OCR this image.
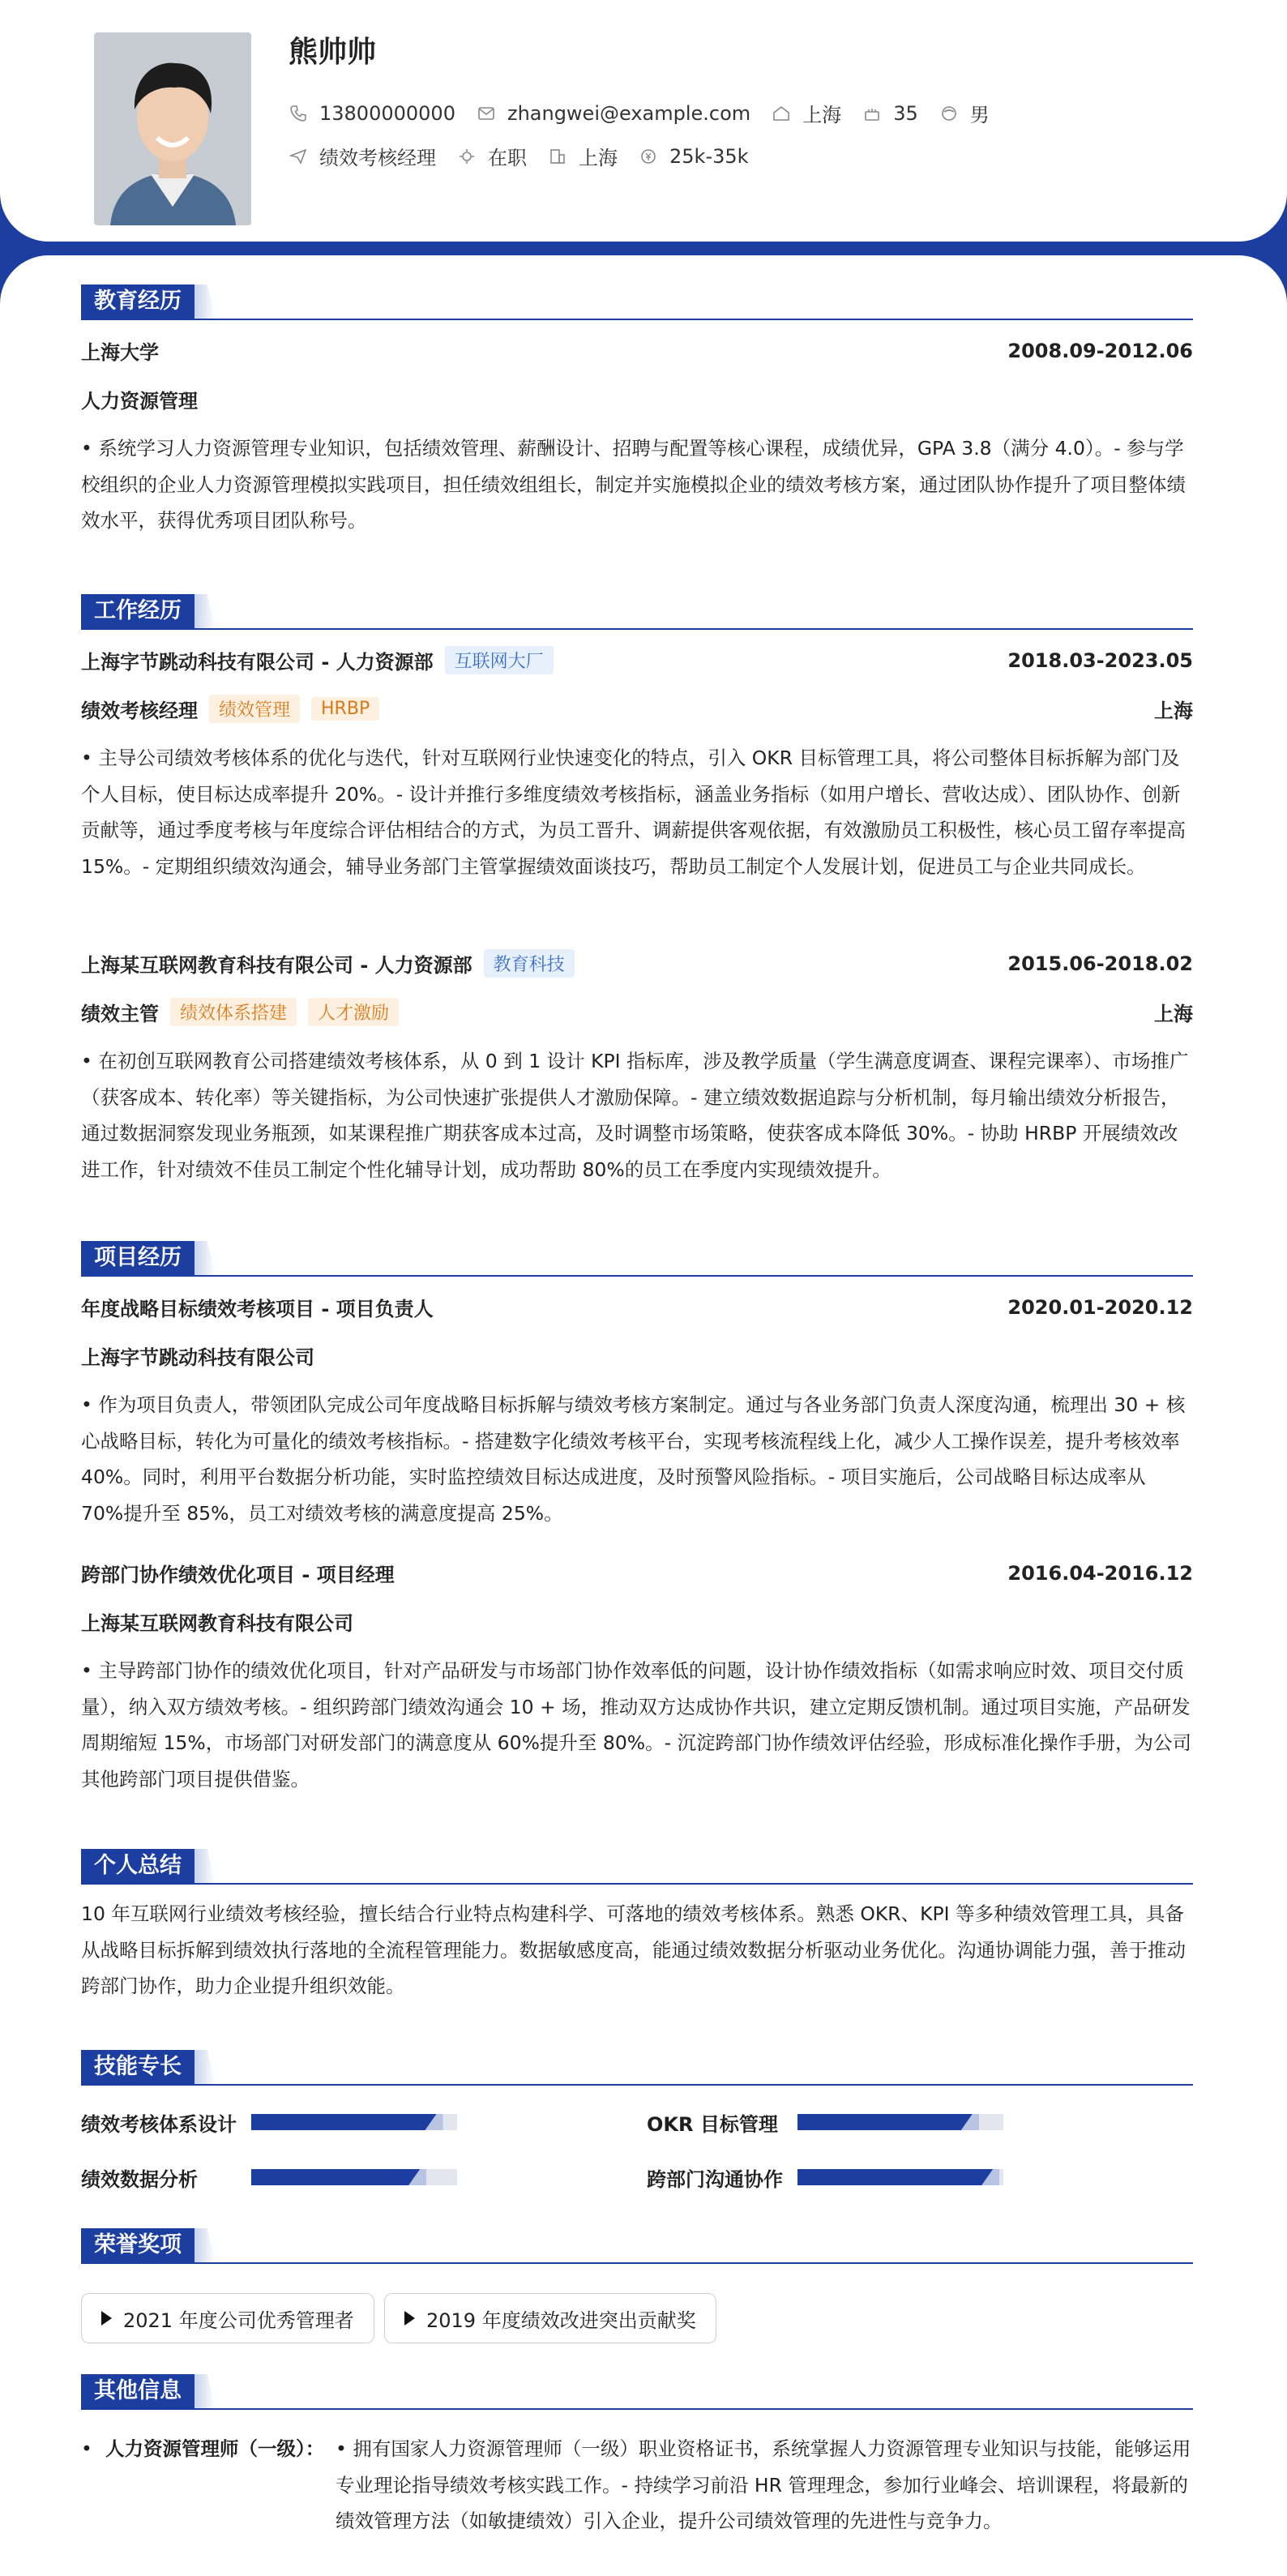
熊帅帅
13800000000	zhangwei@example.com	上海	35	男
绩效考核经理	在职	上海	25k-35k
教育经历
上海大学	2008.09-2012.06
人力资源管理
• 系统学习人力资源管理专业知识，包括绩效管理、薪酬设计、招聘与配置等核心课程，成绩优异，GPA 3.8（满分 4.0）。- 参与学校组织的企业人力资源管理模拟实践项目，担任绩效组组长，制定并实施模拟企业的绩效考核方案，通过团队协作提升了项目整体绩效水平，获得优秀项目团队称号。
工作经历
上海字节跳动科技有限公司 - 人力资源部	互联网大厂	2018.03-2023.05
绩效考核经理	绩效管理	HRBP	上海
• 主导公司绩效考核体系的优化与迭代，针对互联网行业快速变化的特点，引入 OKR 目标管理工具，将公司整体目标拆解为部门及个人目标，使目标达成率提升 20%。- 设计并推行多维度绩效考核指标，涵盖业务指标（如用户增长、营收达成）、团队协作、创新贡献等，通过季度考核与年度综合评估相结合的方式，为员工晋升、调薪提供客观依据，有效激励员工积极性，核心员工留存率提高 15%。- 定期组织绩效沟通会，辅导业务部门主管掌握绩效面谈技巧，帮助员工制定个人发展计划，促进员工与企业共同成长。
上海某互联网教育科技有限公司 - 人力资源部	教育科技	2015.06-2018.02
绩效主管	绩效体系搭建	人才激励	上海
• 在初创互联网教育公司搭建绩效考核体系，从 0 到 1 设计 KPI 指标库，涉及教学质量（学生满意度调查、课程完课率）、市场推广（获客成本、转化率）等关键指标，为公司快速扩张提供人才激励保障。- 建立绩效数据追踪与分析机制，每月输出绩效分析报告，通过数据洞察发现业务瓶颈，如某课程推广期获客成本过高，及时调整市场策略，使获客成本降低 30%。- 协助 HRBP 开展绩效改进工作，针对绩效不佳员工制定个性化辅导计划，成功帮助 80%的员工在季度内实现绩效提升。
项目经历
年度战略目标绩效考核项目 - 项目负责人	2020.01-2020.12
上海字节跳动科技有限公司
• 作为项目负责人，带领团队完成公司年度战略目标拆解与绩效考核方案制定。通过与各业务部门负责人深度沟通，梳理出 30 + 核心战略目标，转化为可量化的绩效考核指标。- 搭建数字化绩效考核平台，实现考核流程线上化，减少人工操作误差，提升考核效率 40%。同时，利用平台数据分析功能，实时监控绩效目标达成进度，及时预警风险指标。- 项目实施后，公司战略目标达成率从 70%提升至 85%，员工对绩效考核的满意度提高 25%。
跨部门协作绩效优化项目 - 项目经理	2016.04-2016.12
上海某互联网教育科技有限公司
• 主导跨部门协作的绩效优化项目，针对产品研发与市场部门协作效率低的问题，设计协作绩效指标（如需求响应时效、项目交付质量），纳入双方绩效考核。- 组织跨部门绩效沟通会 10 + 场，推动双方达成协作共识，建立定期反馈机制。通过项目实施，产品研发周期缩短 15%，市场部门对研发部门的满意度从 60%提升至 80%。- 沉淀跨部门协作绩效评估经验，形成标准化操作手册，为公司其他跨部门项目提供借鉴。
个人总结
10 年互联网行业绩效考核经验，擅长结合行业特点构建科学、可落地的绩效考核体系。熟悉 OKR、KPI 等多种绩效管理工具，具备从战略目标拆解到绩效执行落地的全流程管理能力。数据敏感度高，能通过绩效数据分析驱动业务优化。沟通协调能力强，善于推动跨部门协作，助力企业提升组织效能。
技能专长
绩效考核体系设计	OKR 目标管理
绩效数据分析	跨部门沟通协作
荣誉奖项
2021 年度公司优秀管理者	2019 年度绩效改进突出贡献奖
其他信息
• 人力资源管理师（一级）： • 拥有国家人力资源管理师（一级）职业资格证书，系统掌握人力资源管理专业知识与技能，能够运用专业理论指导绩效考核实践工作。- 持续学习前沿 HR 管理理念，参加行业峰会、培训课程，将最新的绩效管理方法（如敏捷绩效）引入企业，提升公司绩效管理的先进性与竞争力。
